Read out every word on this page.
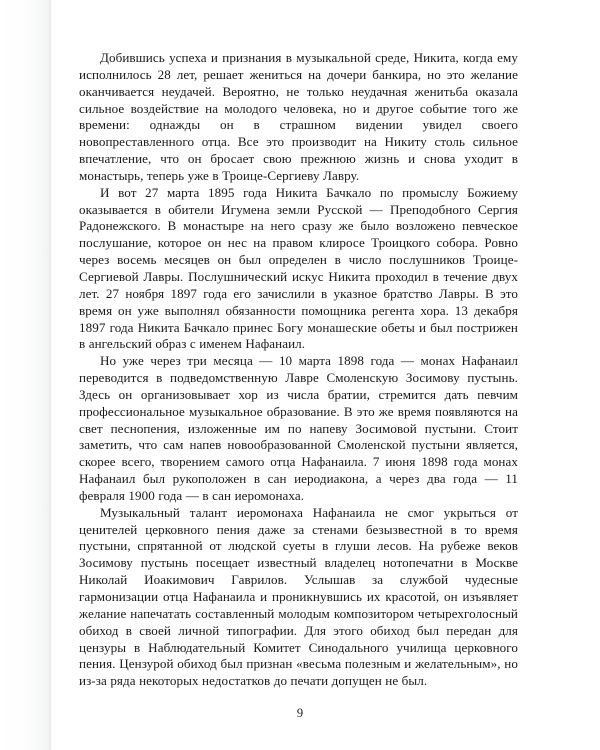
Добившись успеха и признания в музыкальной среде, Никита, когда ему исполнилось 28 лет, решает жениться на дочери банкира, но это желание оканчивается неудачей. Вероятно, не только неудачная женитьба оказала сильное воздействие на молодого человека, но и другое событие того же времени: однажды он в страшном видении увидел своего новопреставленного отца. Все это производит на Никиту столь сильное впечатление, что он бросает свою прежнюю жизнь и снова уходит в монастырь, теперь уже в Троице-Сергиеву Лавру.

И вот 27 марта 1895 года Никита Бачкало по промыслу Божиему оказывается в обители Игумена земли Русской — Преподобного Сергия Радонежского. В монастыре на него сразу же было возложено певческое послушание, которое он нес на правом клиросе Троицкого собора. Ровно через восемь месяцев он был определен в число послушников Троице-Сергиевой Лавры. Послушнический искус Никита проходил в течение двух лет. 27 ноября 1897 года его зачислили в указное братство Лавры. В это время он уже выполнял обязанности помощника регента хора. 13 декабря 1897 года Никита Бачкало принес Богу монашеские обеты и был пострижен в ангельский образ с именем Нафанаил.

Но уже через три месяца — 10 марта 1898 года — монах Нафанаил переводится в подведомственную Лавре Смоленскую Зосимову пустынь. Здесь он организовывает хор из числа братии, стремится дать певчим профессиональное музыкальное образование. В это же время появляются на свет песнопения, изложенные им по напеву Зосимовой пустыни. Стоит заметить, что сам напев новообразованной Смоленской пустыни является, скорее всего, творением самого отца Нафанаила. 7 июня 1898 года монах Нафанаил был рукоположен в сан иеродиакона, а через два года — 11 февраля 1900 года — в сан иеромонаха.

Музыкальный талант иеромонаха Нафанаила не смог укрыться от ценителей церковного пения даже за стенами безызвестной в то время пустыни, спрятанной от людской суеты в глуши лесов. На рубеже веков Зосимову пустынь посещает известный владелец нотопечатни в Москве Николай Иоакимович Гаврилов. Услышав за службой чудесные гармонизации отца Нафанаила и проникнувшись их красотой, он изъявляет желание напечатать составленный молодым композитором четырехголосный обиход в своей личной типографии. Для этого обиход был передан для цензуры в Наблюдательный Комитет Синодального училища церковного пения. Цензурой обиход был признан «весьма полезным и желательным», но из-за ряда некоторых недостатков до печати допущен не был.

9
